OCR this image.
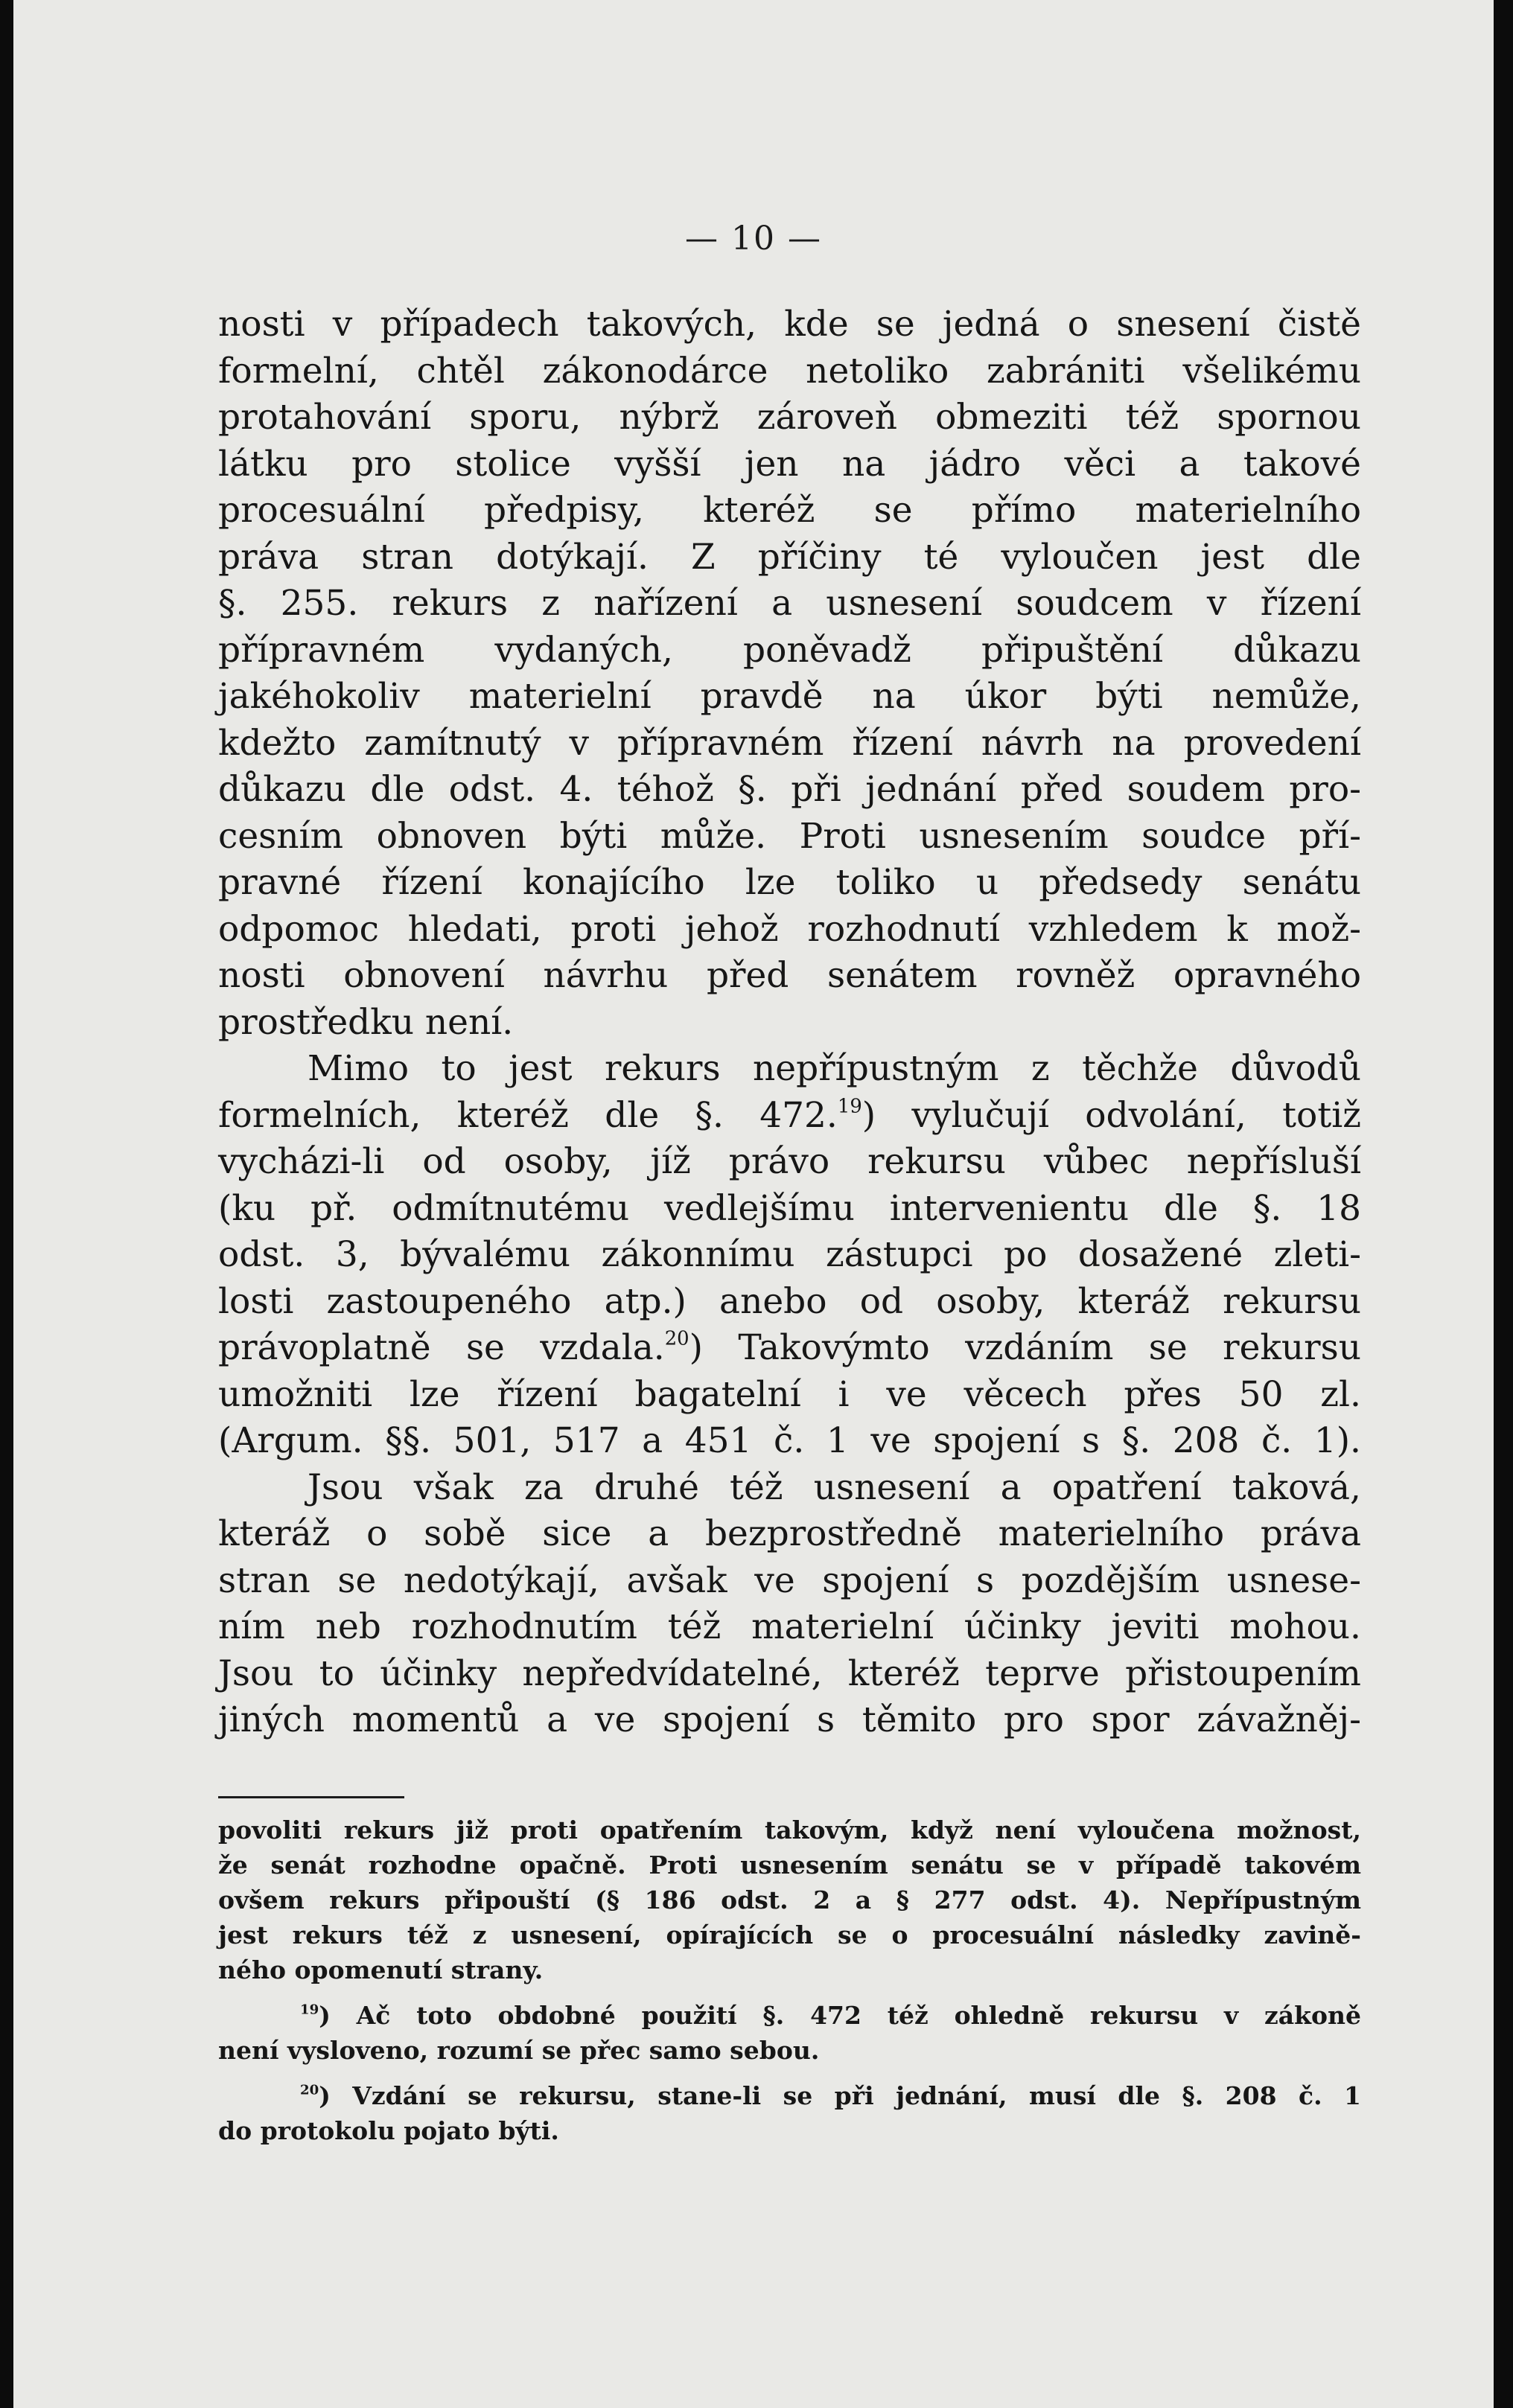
— 10 —
nosti v případech takových, kde se jedná o snesení čistě
formelní, chtěl zákonodárce netoliko zabrániti všelikému
protahování sporu, nýbrž zároveň obmeziti též spornou
látku pro stolice vyšší jen na jádro věci a takové
procesuální předpisy, kteréž se přímo materielního
práva stran dotýkají. Z příčiny té vyloučen jest dle
§. 255. rekurs z nařízení a usnesení soudcem v řízení
přípravném vydaných, poněvadž připuštění důkazu
jakéhokoliv materielní pravdě na úkor býti nemůže,
kdežto zamítnutý v přípravném řízení návrh na provedení
důkazu dle odst. 4. téhož §. při jednání před soudem pro-
cesním obnoven býti může. Proti usnesením soudce pří-
pravné řízení konajícího lze toliko u předsedy senátu
odpomoc hledati, proti jehož rozhodnutí vzhledem k mož-
nosti obnovení návrhu před senátem rovněž opravného
prostředku není.
Mimo to jest rekurs nepřípustným z těchže důvodů
formelních, kteréž dle §. 472.19) vylučují odvolání, totiž
vycházi-li od osoby, jíž právo rekursu vůbec nepřísluší
(ku př. odmítnutému vedlejšímu intervenientu dle §. 18
odst. 3, bývalému zákonnímu zástupci po dosažené zleti-
losti zastoupeného atp.) anebo od osoby, kteráž rekursu
právoplatně se vzdala.$^{20}$) Takovýmto vzdáním se rekursu
umožniti lze řízení bagatelní i ve věcech přes 50 zl.
(Argum. §§. 501, 517 a 451 č. 1 ve spojení s §. 208 č. 1).
Jsou však za druhé též usnesení a opatření taková,
kteráž o sobě sice a bezprostředně materielního práva
stran se nedotýkají, avšak ve spojení s pozdějším usnese-
ním neb rozhodnutím též materielní účinky jeviti mohou.
Jsou to účinky nepředvídatelné, kteréž teprve přistoupením
jiných momentů a ve spojení s těmito pro spor závažněj-
povoliti rekurs již proti opatřením takovým, když není vyloučena možnost,
že senát rozhodne opačně. Proti usnesením senátu se v případě takovém
ovšem rekurs připouští (§ 186 odst. 2 a § 277 odst. 4). Nepřípustným
jest rekurs též z usnesení, opírajících se o procesuální následky zavině-
ného opomenutí strany.
$^{19}$) Ač toto obdobné použití §. 472 též ohledně rekursu v zákoně
není vysloveno, rozumí se přec samo sebou.
$^{20}$) Vzdání se rekursu, stane-li se při jednání, musí dle §. 208 č. 1
do protokolu pojato býti.
